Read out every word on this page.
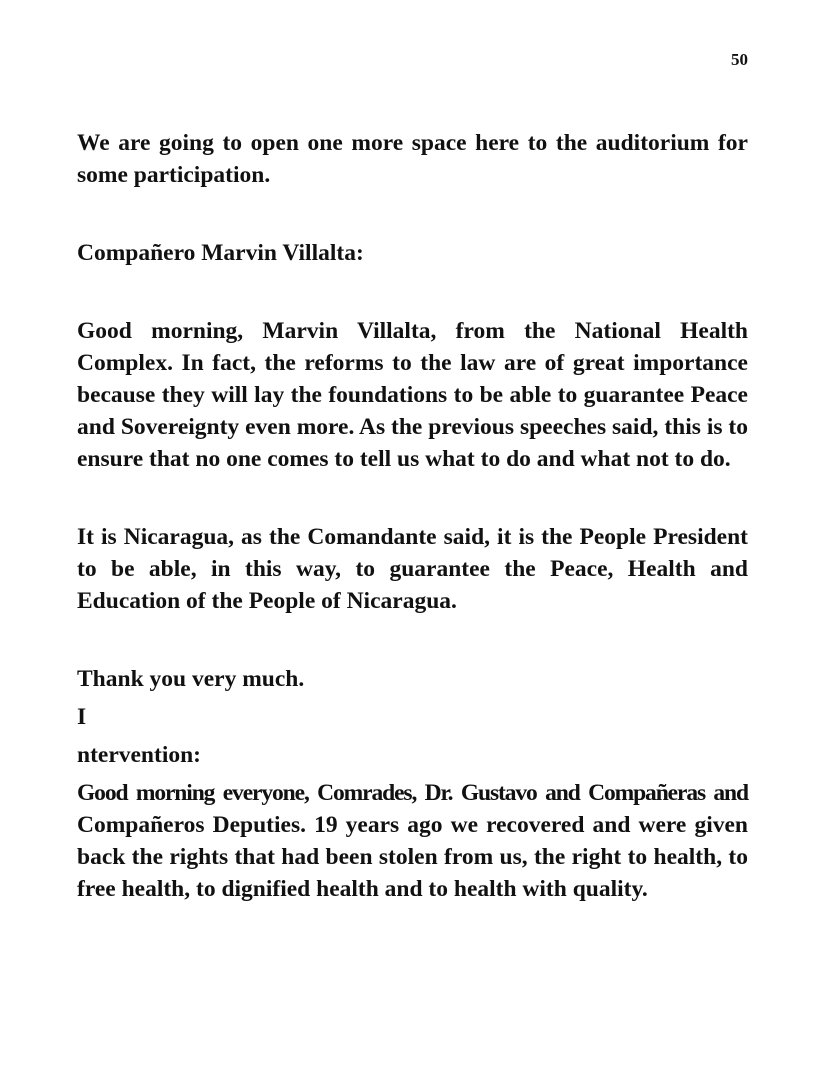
50

We are going to open one more space here to the auditorium for some participation.

Compañero Marvin Villalta:

Good morning, Marvin Villalta, from the National Health Complex. In fact, the reforms to the law are of great importance because they will lay the foundations to be able to guarantee Peace and Sovereignty even more. As the previous speeches said, this is to ensure that no one comes to tell us what to do and what not to do.

It is Nicaragua, as the Comandante said, it is the People President to be able, in this way, to guarantee the Peace, Health and Education of the People of Nicaragua.

Thank you very much.

I

ntervention:

Good morning everyone, Comrades, Dr. Gustavo and Compañeras and Compañeros Deputies. 19 years ago we recovered and were given back the rights that had been stolen from us, the right to health, to free health, to dignified health and to health with quality.
